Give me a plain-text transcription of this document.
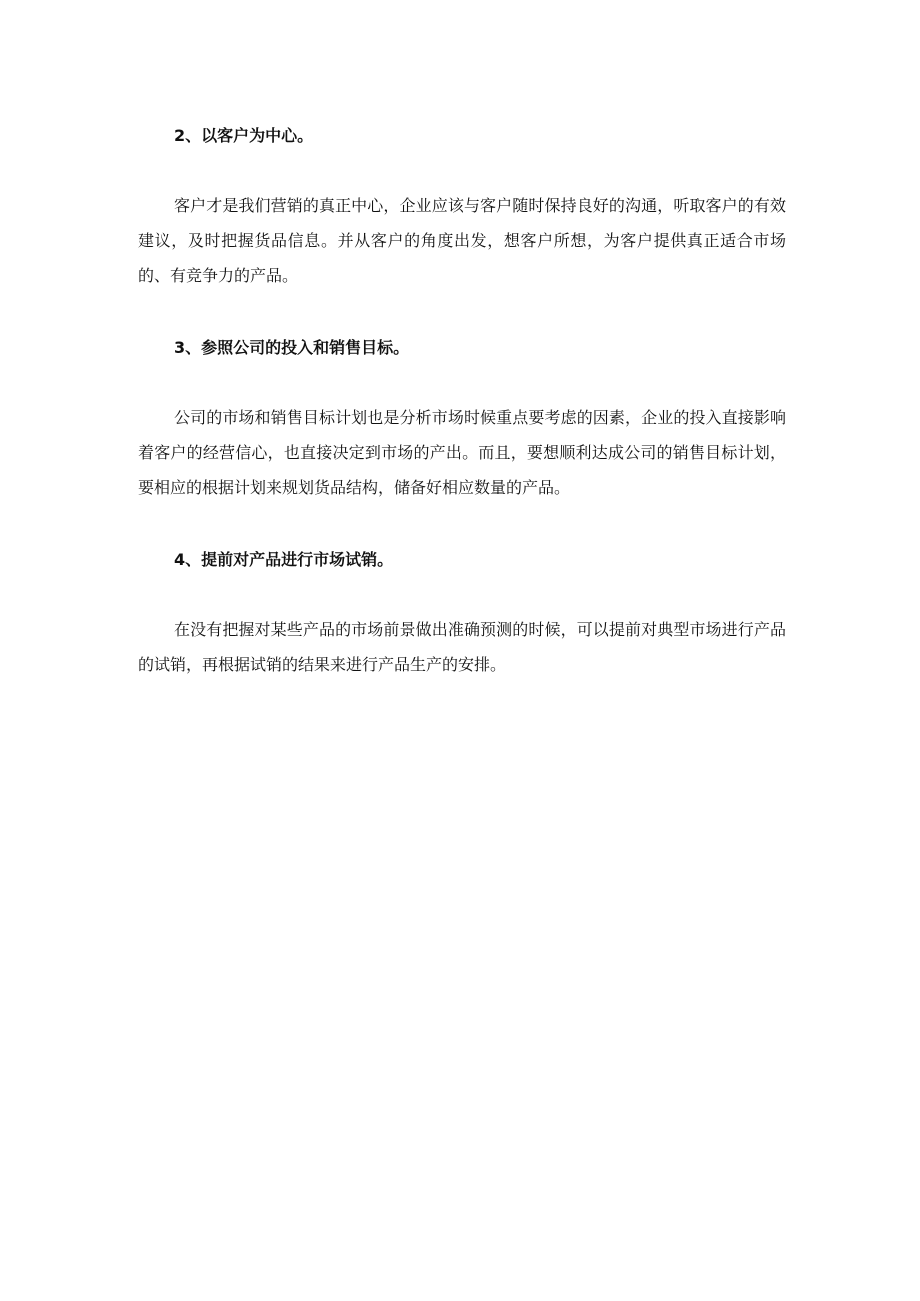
2、以客户为中心。

客户才是我们营销的真正中心，企业应该与客户随时保持良好的沟通，听取客户的有效建议，及时把握货品信息。并从客户的角度出发，想客户所想，为客户提供真正适合市场的、有竞争力的产品。

3、参照公司的投入和销售目标。

公司的市场和销售目标计划也是分析市场时候重点要考虑的因素，企业的投入直接影响着客户的经营信心，也直接决定到市场的产出。而且，要想顺利达成公司的销售目标计划，要相应的根据计划来规划货品结构，储备好相应数量的产品。

4、提前对产品进行市场试销。

在没有把握对某些产品的市场前景做出准确预测的时候，可以提前对典型市场进行产品的试销，再根据试销的结果来进行产品生产的安排。
